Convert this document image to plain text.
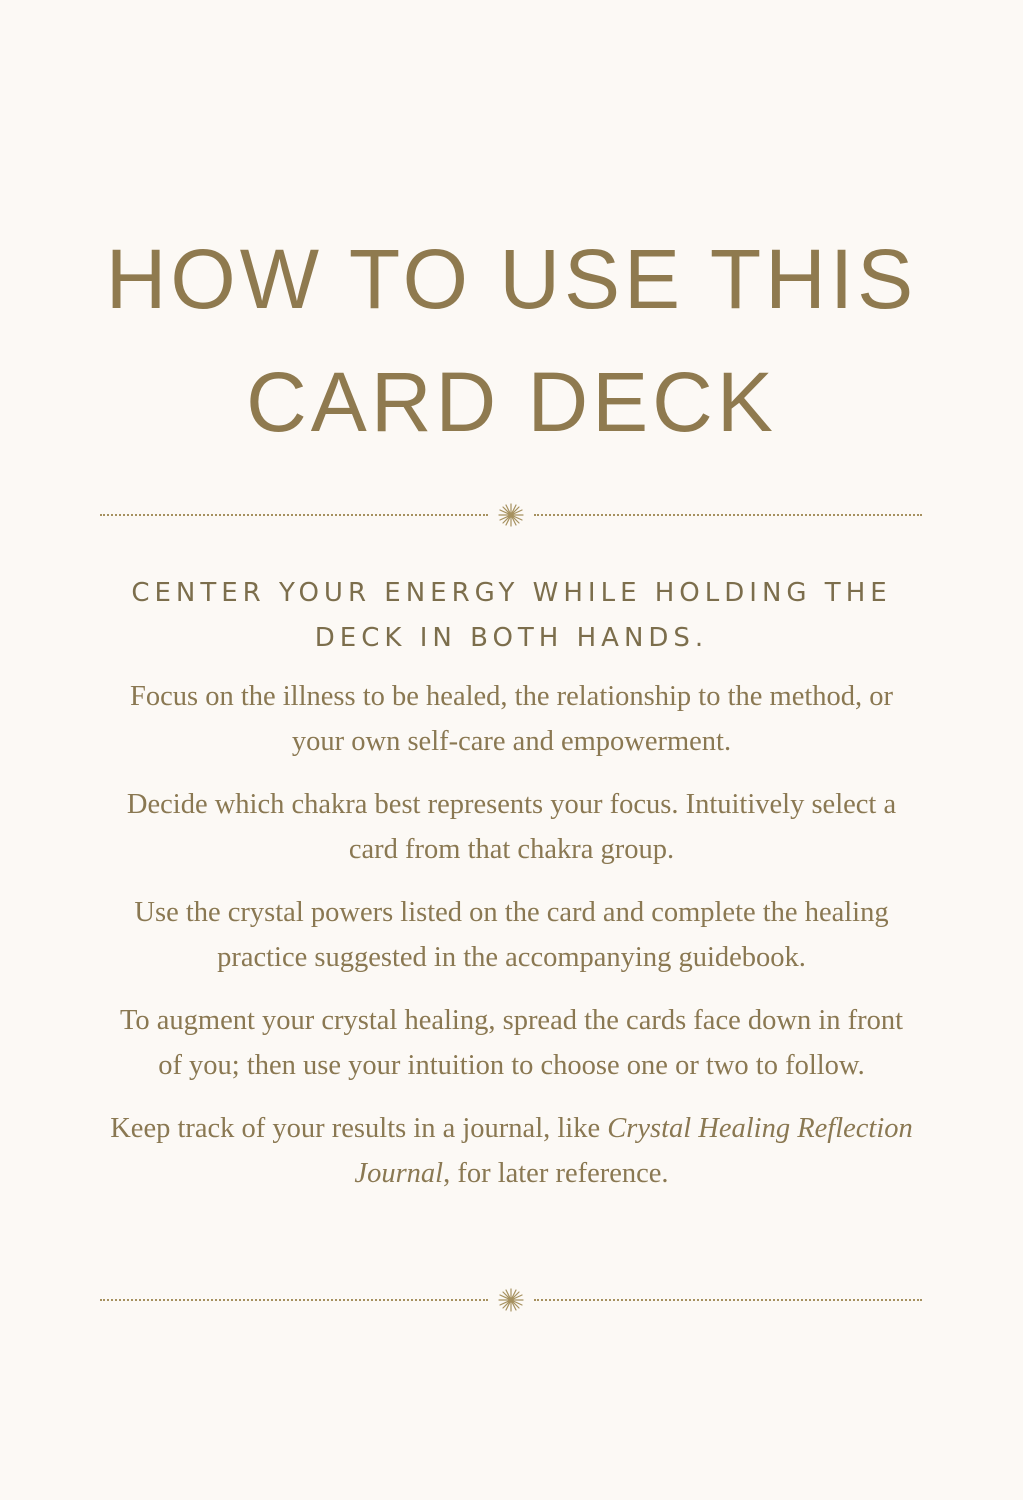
HOW TO USE THIS
CARD DECK

CENTER YOUR ENERGY WHILE HOLDING THE DECK IN BOTH HANDS.

Focus on the illness to be healed, the relationship to the method, or your own self-care and empowerment.

Decide which chakra best represents your focus. Intuitively select a card from that chakra group.

Use the crystal powers listed on the card and complete the healing practice suggested in the accompanying guidebook.

To augment your crystal healing, spread the cards face down in front of you; then use your intuition to choose one or two to follow.

Keep track of your results in a journal, like Crystal Healing Reflection Journal, for later reference.
